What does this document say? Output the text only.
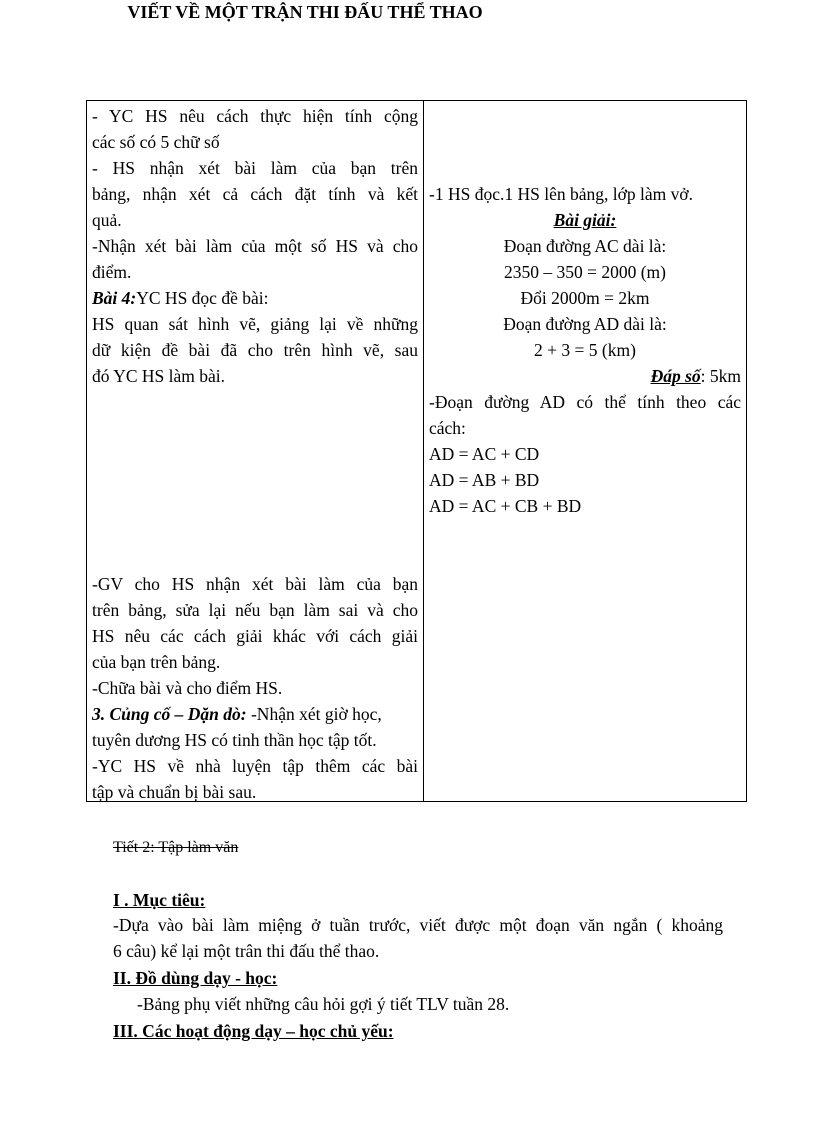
- YC HS nêu cách thực hiện tính cộng
các số có 5 chữ số
- HS nhận xét bài làm của bạn trên
bảng, nhận xét cả cách đặt tính và kết
quả.
-Nhận xét bài làm của một số HS và cho
điểm.
Bài 4:YC HS đọc đề bài:
HS quan sát hình vẽ, giảng lại về những
dữ kiện đề bài đã cho trên hình vẽ, sau
đó YC HS làm bài.
-GV cho HS nhận xét bài làm của bạn
trên bảng, sửa lại nếu bạn làm sai và cho
HS nêu các cách giải khác với cách giải
của bạn trên bảng.
-Chữa bài và cho điểm HS.
3. Củng cố – Dặn dò: -Nhận xét giờ học,
tuyên dương HS có tinh thần học tập tốt.
-YC HS về nhà luyện tập thêm các bài
tập và chuẩn bị bài sau.
-1 HS đọc.1 HS lên bảng, lớp làm vở.
Bài giải:
Đoạn đường AC dài là:
2350 – 350 = 2000 (m)
Đổi 2000m = 2km
Đoạn đường AD dài là:
2 + 3 = 5 (km)
Đáp số: 5km
-Đoạn đường AD có thể tính theo các
cách:
AD = AC + CD
AD = AB + BD
AD = AC + CB + BD
Tiết 2: Tập làm văn
VIẾT VỀ MỘT TRẬN THI ĐẤU THỂ THAO
I . Mục tiêu:
-Dựa vào bài làm miệng ở tuần trước, viết được một đoạn văn ngắn ( khoảng
6 câu) kể lại một trân thi đấu thể thao.
II. Đồ dùng dạy - học:
-Bảng phụ viết những câu hỏi gợi ý tiết TLV tuần 28.
III. Các hoạt động dạy – học chủ yếu:
